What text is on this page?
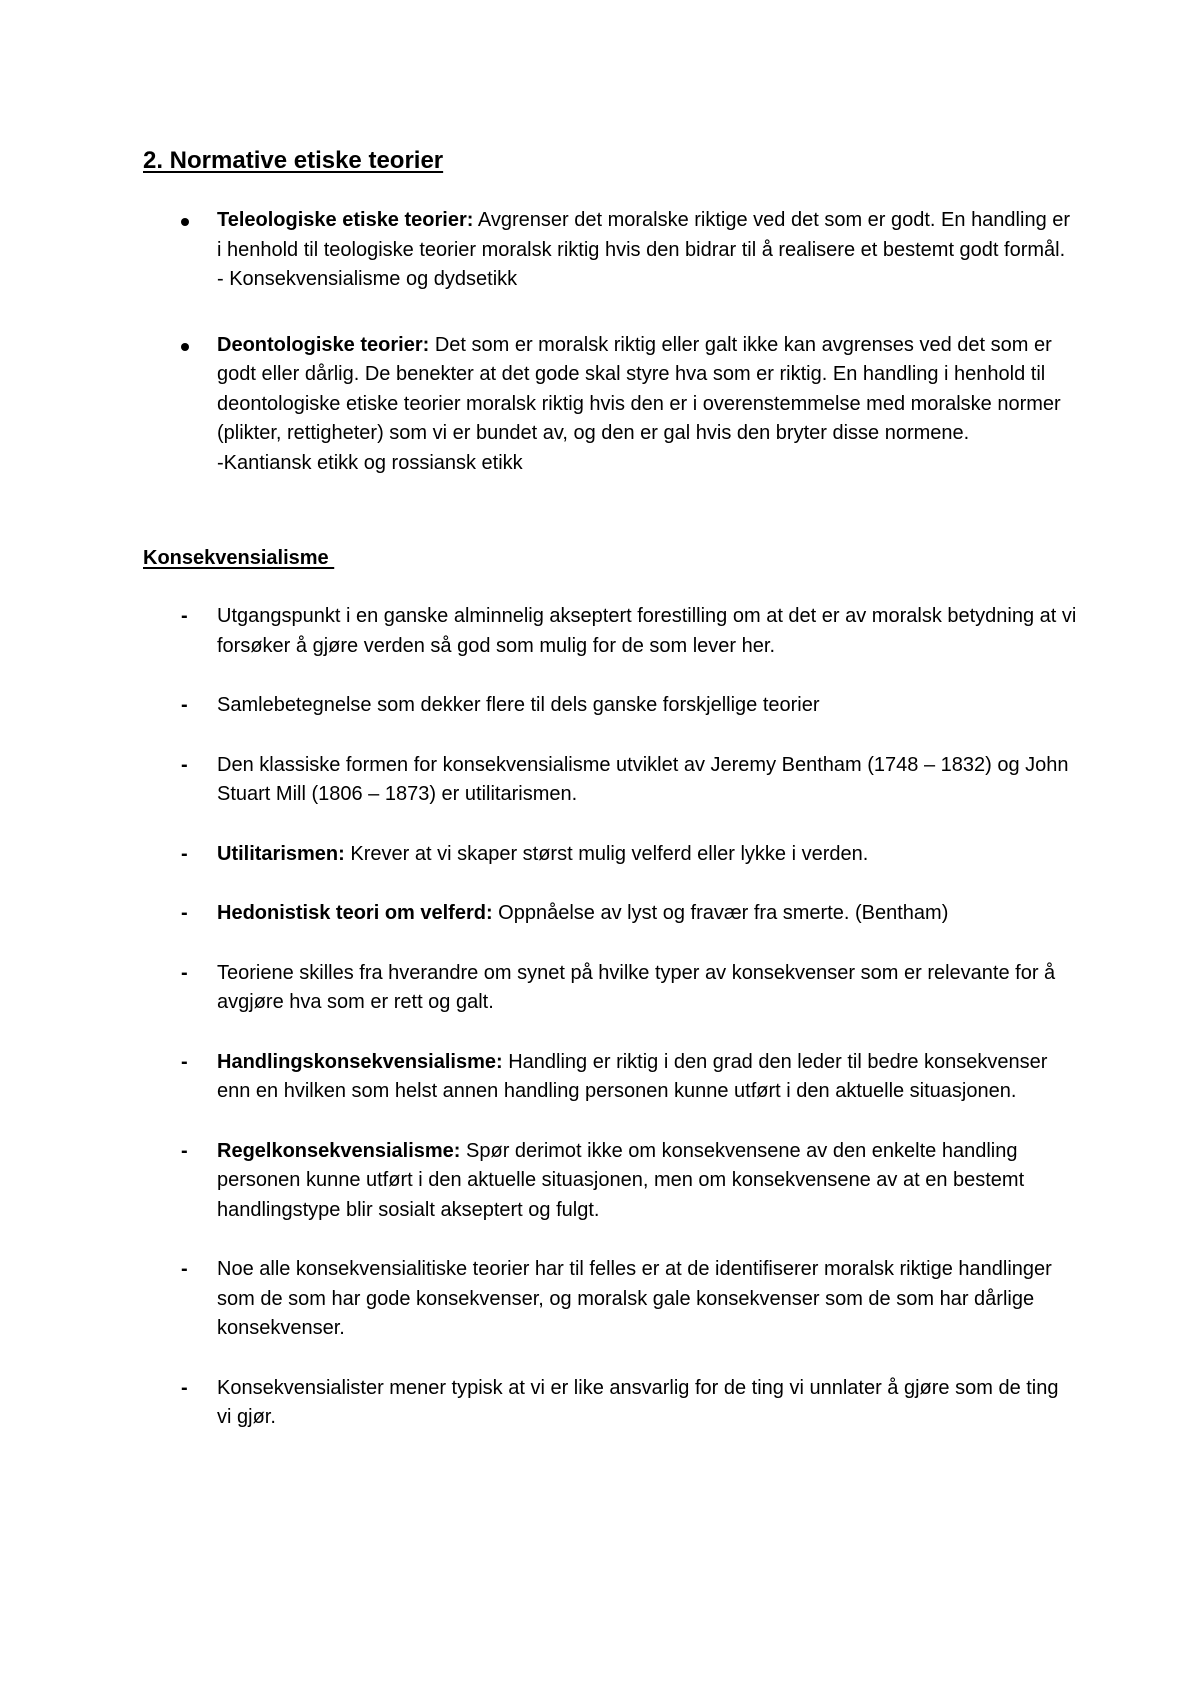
2. Normative etiske teorier
Teleologiske etiske teorier: Avgrenser det moralske riktige ved det som er godt. En handling er i henhold til teologiske teorier moralsk riktig hvis den bidrar til å realisere et bestemt godt formål.
- Konsekvensialisme og dydsetikk
Deontologiske teorier: Det som er moralsk riktig eller galt ikke kan avgrenses ved det som er godt eller dårlig. De benekter at det gode skal styre hva som er riktig. En handling i henhold til deontologiske etiske teorier moralsk riktig hvis den er i overenstemmelse med moralske normer (plikter, rettigheter) som vi er bundet av, og den er gal hvis den bryter disse normene.
-Kantiansk etikk og rossiansk etikk
Konsekvensialisme
-	Utgangspunkt i en ganske alminnelig akseptert forestilling om at det er av moralsk betydning at vi forsøker å gjøre verden så god som mulig for de som lever her.
-	Samlebetegnelse som dekker flere til dels ganske forskjellige teorier
-	Den klassiske formen for konsekvensialisme utviklet av Jeremy Bentham (1748 – 1832) og John Stuart Mill (1806 – 1873) er utilitarismen.
-	Utilitarismen: Krever at vi skaper størst mulig velferd eller lykke i verden.
-	Hedonistisk teori om velferd: Oppnåelse av lyst og fravær fra smerte. (Bentham)
-	Teoriene skilles fra hverandre om synet på hvilke typer av konsekvenser som er relevante for å avgjøre hva som er rett og galt.
-	Handlingskonsekvensialisme: Handling er riktig i den grad den leder til bedre konsekvenser enn en hvilken som helst annen handling personen kunne utført i den aktuelle situasjonen.
-	Regelkonsekvensialisme: Spør derimot ikke om konsekvensene av den enkelte handling personen kunne utført i den aktuelle situasjonen, men om konsekvensene av at en bestemt handlingstype blir sosialt akseptert og fulgt.
-	Noe alle konsekvensialitiske teorier har til felles er at de identifiserer moralsk riktige handlinger som de som har gode konsekvenser, og moralsk gale konsekvenser som de som har dårlige konsekvenser.
-	Konsekvensialister mener typisk at vi er like ansvarlig for de ting vi unnlater å gjøre som de ting vi gjør.
